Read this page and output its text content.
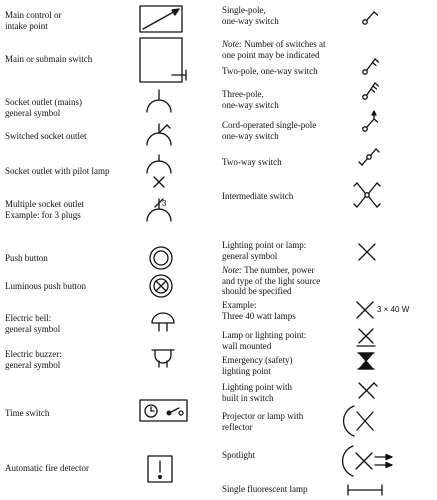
Main control or
intake point
Main or submain switch
Socket outlet (mains)
general symbol
Switched socket outlet
Socket outlet with pilot lamp
Multiple socket outlet
Example: for 3 plugs
Push button
Luminous push button
Electric bell:
general symbol
Electric buzzer:
general symbol
Time switch
Automatic fire detector
3
Single-pole,
one-way switch
Note: Number of switches at
one point may be indicated
Two-pole, one-way switch
Three-pole,
one-way switch
Cord-operated single-pole
one-way switch
Two-way switch
Intermediate switch
Lighting point or lamp:
general symbol
Note: The number, power
and type of the light source
should be specified
Example:
Three 40 watt lamps
Lamp or lighting point:
wall mounted
Emergency (safety)
lighting point
Lighting point with
built in switch
Projector or lamp with
reflector
Spotlight
Single fluorescent lamp
3 × 40 W
